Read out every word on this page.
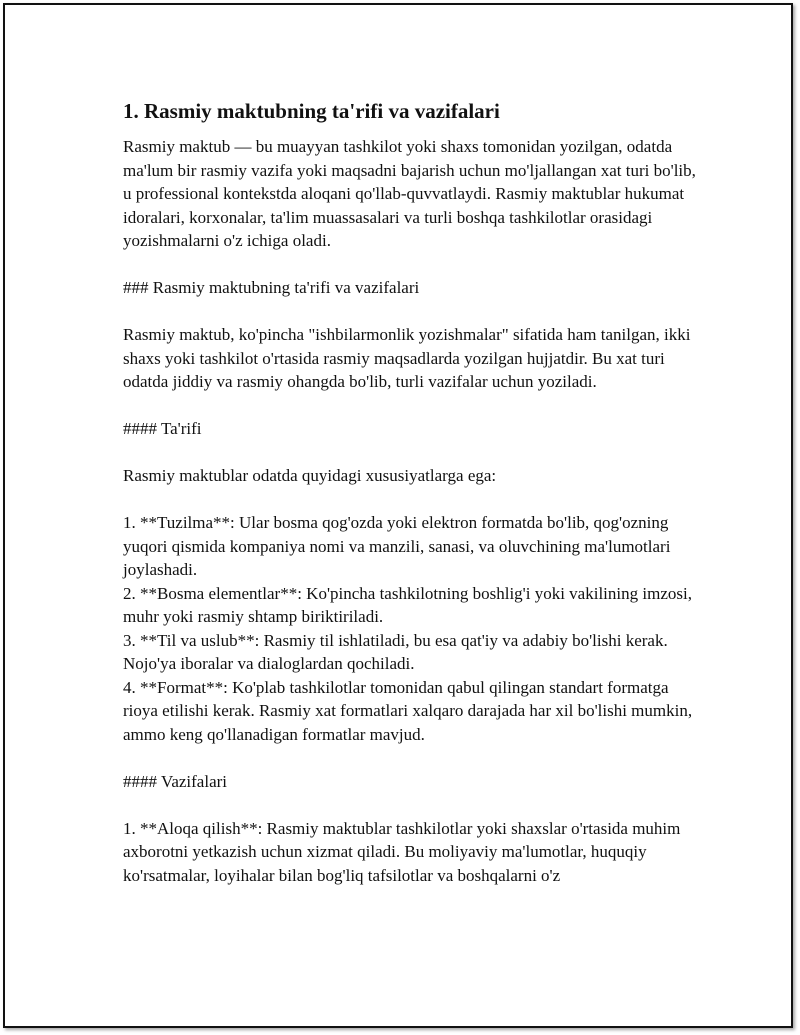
1. Rasmiy maktubning ta'rifi va vazifalari

Rasmiy maktub — bu muayyan tashkilot yoki shaxs tomonidan yozilgan, odatda ma'lum bir rasmiy vazifa yoki maqsadni bajarish uchun mo'ljallangan xat turi bo'lib, u professional kontekstda aloqani qo'llab-quvvatlaydi. Rasmiy maktublar hukumat idoralari, korxonalar, ta'lim muassasalari va turli boshqa tashkilotlar orasidagi yozishmalarni o'z ichiga oladi.

### Rasmiy maktubning ta'rifi va vazifalari

Rasmiy maktub, ko'pincha "ishbilarmonlik yozishmalar" sifatida ham tanilgan, ikki shaxs yoki tashkilot o'rtasida rasmiy maqsadlarda yozilgan hujjatdir. Bu xat turi odatda jiddiy va rasmiy ohangda bo'lib, turli vazifalar uchun yoziladi.

#### Ta'rifi

Rasmiy maktublar odatda quyidagi xususiyatlarga ega:

1. **Tuzilma**: Ular bosma qog'ozda yoki elektron formatda bo'lib, qog'ozning yuqori qismida kompaniya nomi va manzili, sanasi, va oluvchining ma'lumotlari joylashadi.

2. **Bosma elementlar**: Ko'pincha tashkilotning boshlig'i yoki vakilining imzosi, muhr yoki rasmiy shtamp biriktiriladi.

3. **Til va uslub**: Rasmiy til ishlatiladi, bu esa qat'iy va adabiy bo'lishi kerak. Nojo'ya iboralar va dialoglardan qochiladi.

4. **Format**: Ko'plab tashkilotlar tomonidan qabul qilingan standart formatga rioya etilishi kerak. Rasmiy xat formatlari xalqaro darajada har xil bo'lishi mumkin, ammo keng qo'llanadigan formatlar mavjud.

#### Vazifalari

1. **Aloqa qilish**: Rasmiy maktublar tashkilotlar yoki shaxslar o'rtasida muhim axborotni yetkazish uchun xizmat qiladi. Bu moliyaviy ma'lumotlar, huquqiy ko'rsatmalar, loyihalar bilan bog'liq tafsilotlar va boshqalarni o'z
